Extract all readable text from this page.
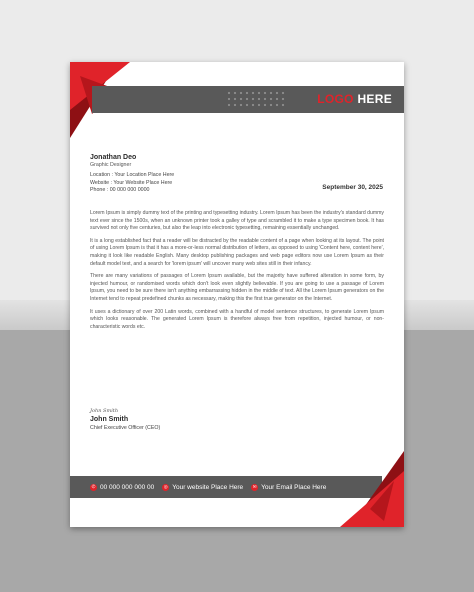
LOGO HERE
Jonathan Deo
Graphic Designer
Location : Your Location Place Here
Website : Your Website Place Here
Phone : 00 000 000 0000	September 30, 2025

Lorem Ipsum is simply dummy text of the printing and typesetting industry. Lorem Ipsum has been the industry's standard dummy text ever since the 1500s, when an unknown printer took a galley of type and scrambled it to make a type specimen book. It has survived not only five centuries, but also the leap into electronic typesetting, remaining essentially unchanged.

It is a long established fact that a reader will be distracted by the readable content of a page when looking at its layout. The point of using Lorem Ipsum is that it has a more-or-less normal distribution of letters, as opposed to using 'Content here, content here', making it look like readable English. Many desktop publishing packages and web page editors now use Lorem Ipsum as their default model text, and a search for 'lorem ipsum' will uncover many web sites still in their infancy.

There are many variations of passages of Lorem Ipsum available, but the majority have suffered alteration in some form, by injected humour, or randomised words which don't look even slightly believable. If you are going to use a passage of Lorem Ipsum, you need to be sure there isn't anything embarrassing hidden in the middle of text. All the Lorem Ipsum generators on the Internet tend to repeat predefined chunks as necessary, making this the first true generator on the Internet.

It uses a dictionary of over 200 Latin words, combined with a handful of model sentence structures, to generate Lorem Ipsum which looks reasonable. The generated Lorem Ipsum is therefore always free from repetition, injected humour, or non-characteristic words etc.

John Smith
John Smith
Chief Executive Officer (CEO)
✆ 00 000 000 000 00	◎ Your website Place Here	✉ Your Email Place Here
